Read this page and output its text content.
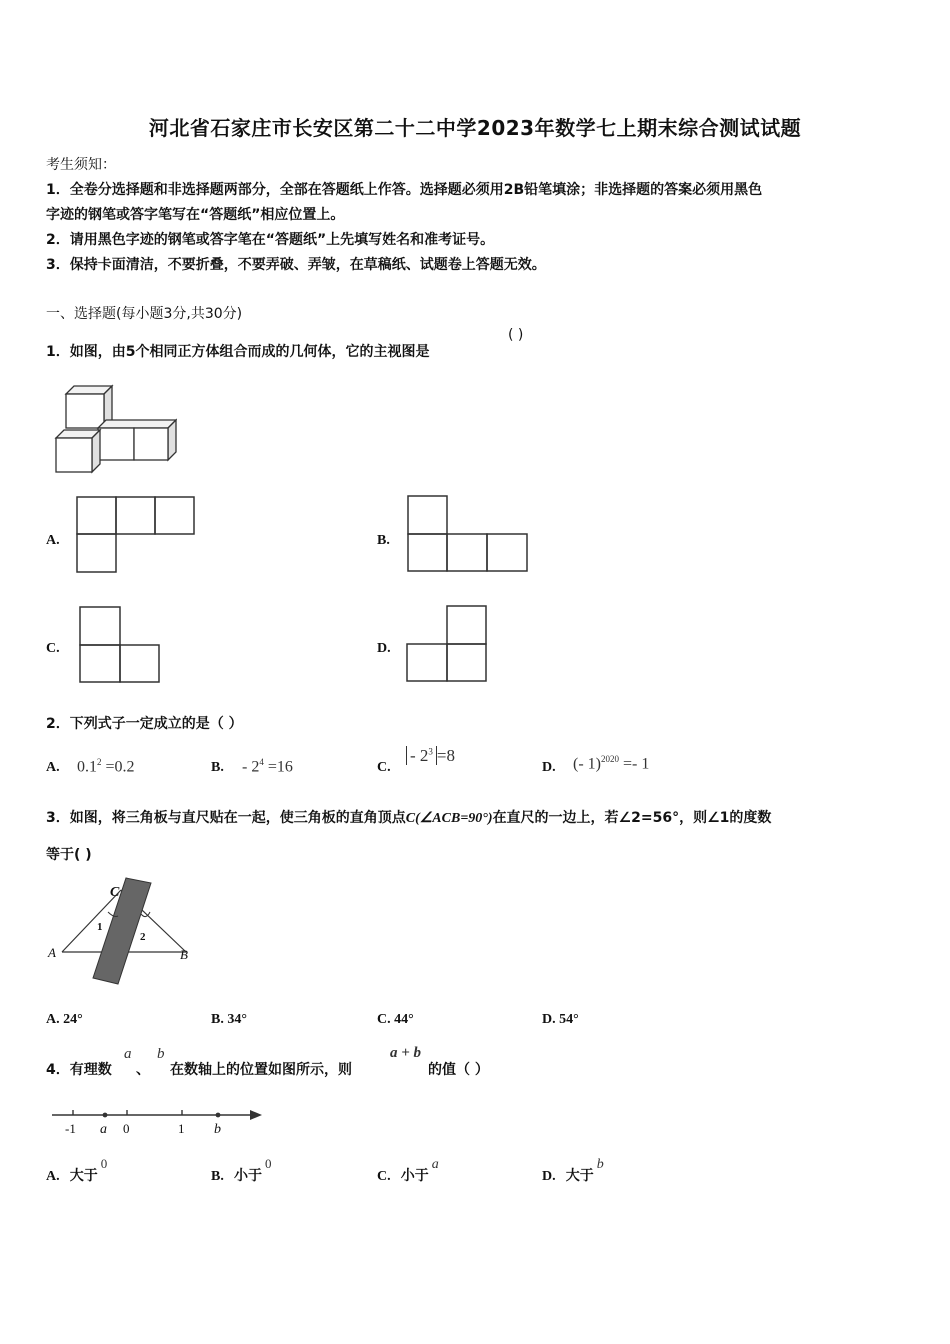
河北省石家庄市长安区第二十二中学2023年数学七上期末综合测试试题
考生须知：
1．全卷分选择题和非选择题两部分，全部在答题纸上作答。选择题必须用2B铅笔填涂；非选择题的答案必须用黑色
字迹的钢笔或答字笔写在“答题纸”相应位置上。
2．请用黑色字迹的钢笔或答字笔在“答题纸”上先填写姓名和准考证号。
3．保持卡面清洁，不要折叠，不要弄破、弄皱，在草稿纸、试题卷上答题无效。
一、选择题(每小题3分,共30分)
1．如图，由5个相同正方体组合而成的几何体，它的主视图是
( )
A.	B.
C.	D.
2．下列式子一定成立的是（ ）
A. $0.1^2 =0.2$	B. - $2^4 =16$	C.
- $2^3 =8$
D. (- 1)$^{2020}$ =- 1
3．如图，将三角板与直尺贴在一起，使三角板的直角顶点C(∠ACB=90°)在直尺的一边上，若∠2=56°，则∠1的度数
等于( )
C
A	B
1
2
A. 24°	B. 34°	C. 44°	D. 54°
4．有理数
a
、
b
在数轴上的位置如图所示，则
a + b
的值（ ）
-1 a 0	1 b
A. 大于$^0$
B. 小于$^0$
C. 小于a
D. 大于b
